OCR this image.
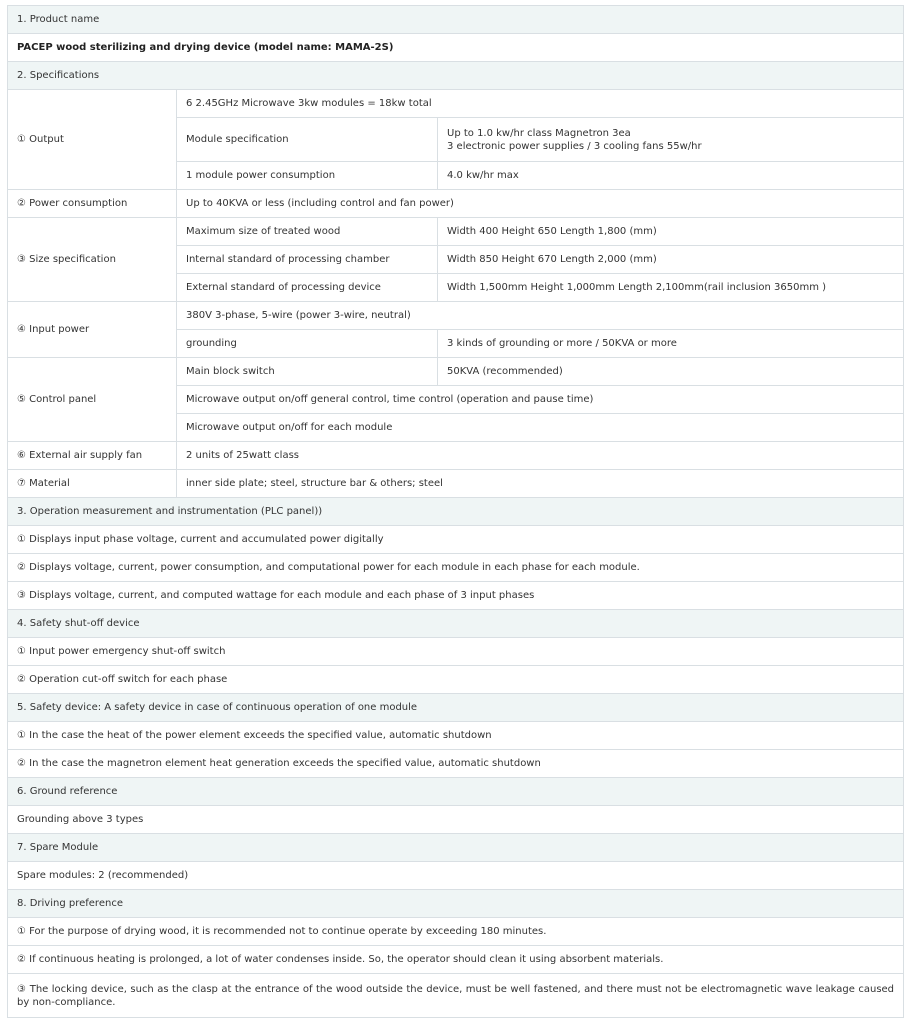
1. Product name		
PACEP wood sterilizing and drying device (model name: MAMA-2S)		
2. Specifications		
① Output	6 2.45GHz Microwave 3kw modules = 18kw total	
	Module specification	Up to 1.0 kw/hr class Magnetron 3ea
3 electronic power supplies / 3 cooling fans 55w/hr

	1 module power consumption	4.0 kw/hr max
② Power consumption	Up to 40KVA or less (including control and fan power)	
③ Size specification	Maximum size of treated wood	Width 400 Height 650 Length 1,800 (mm)
	Internal standard of processing chamber	Width 850 Height 670 Length 2,000 (mm)
	External standard of processing device	Width 1,500mm Height 1,000mm Length 2,100mm(rail inclusion 3650mm )
④ Input power	380V 3-phase, 5-wire (power 3-wire, neutral)	
	grounding	3 kinds of grounding or more / 50KVA or more
⑤ Control panel	Main block switch	50KVA (recommended)
	Microwave output on/off general control, time control (operation and pause time)	
	Microwave output on/off for each module	
⑥ External air supply fan	2 units of 25watt class	
⑦ Material	inner side plate; steel, structure bar & others; steel	
3. Operation measurement and instrumentation (PLC panel))		
① Displays input phase voltage, current and accumulated power digitally		
② Displays voltage, current, power consumption, and computational power for each module in each phase for each module.		
③ Displays voltage, current, and computed wattage for each module and each phase of 3 input phases		
4. Safety shut-off device		
① Input power emergency shut-off switch		
② Operation cut-off switch for each phase		
5. Safety device: A safety device in case of continuous operation of one module		
① In the case the heat of the power element exceeds the specified value, automatic shutdown		
② In the case the magnetron element heat generation exceeds the specified value, automatic shutdown		
6. Ground reference		
Grounding above 3 types		
7. Spare Module		
Spare modules: 2 (recommended)		
8. Driving preference		
① For the purpose of drying wood, it is recommended not to continue operate by exceeding 180 minutes.		
② If continuous heating is prolonged, a lot of water condenses inside. So, the operator should clean it using absorbent materials.		
③ The locking device, such as the clasp at the entrance of the wood outside the device, must be well fastened, and there must not be electromagnetic wave leakage caused by non-compliance.		
